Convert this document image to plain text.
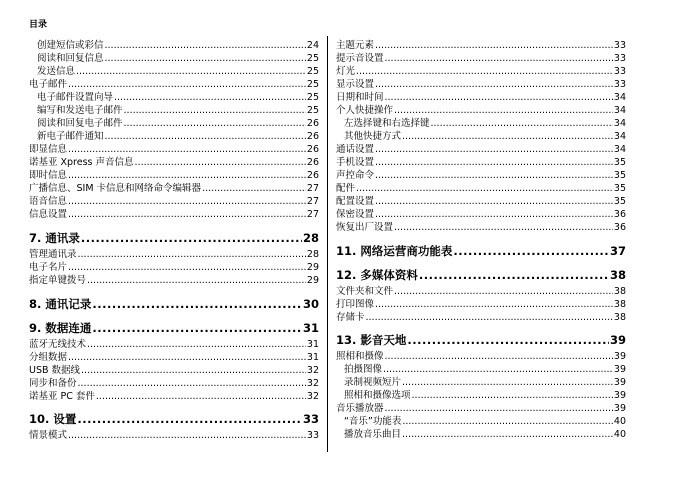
目录
创建短信或彩信 .....	24
阅读和回复信息 .....	25
发送信息 .....	25
电子邮件 .....	25
电子邮件设置向导 .....	25
编写和发送电子邮件 .....	25
阅读和回复电子邮件 .....	26
新电子邮件通知 .....	26
即显信息 .....	26
诺基亚 Xpress 声音信息 .....	26
即时信息 .....	26
广播信息、SIM 卡信息和网络命令编辑器 .....	27
语音信息 .....	27
信息设置 .....	27
7. 通讯录 .....	28
管理通讯录 .....	28
电子名片 .....	29
指定单键拨号 .....	29
8. 通讯记录 .....	30
9. 数据连通 .....	31
蓝牙无线技术 .....	31
分组数据 .....	31
USB 数据线 .....	32
同步和备份 .....	32
诺基亚 PC 套件 .....	32
10. 设置 .....	33
情景模式 .....	33
主题元素 .....	33
提示音设置 .....	33
灯光 .....	33
显示设置 .....	33
日期和时间 .....	34
个人快捷操作 .....	34
左选择键和右选择键 .....	34
其他快捷方式 .....	34
通话设置 .....	34
手机设置 .....	35
声控命令 .....	35
配件 .....	35
配置设置 .....	35
保密设置 .....	36
恢复出厂设置 .....	36
11. 网络运营商功能表 .....	37
12. 多媒体资料 .....	38
文件夹和文件 .....	38
打印图像 .....	38
存储卡 .....	38
13. 影音天地 .....	39
照相和摄像 .....	39
拍摄图像 .....	39
录制视频短片 .....	39
照相和摄像选项 .....	39
音乐播放器 .....	39
“音乐”功能表 .....	40
播放音乐曲目 .....	40
